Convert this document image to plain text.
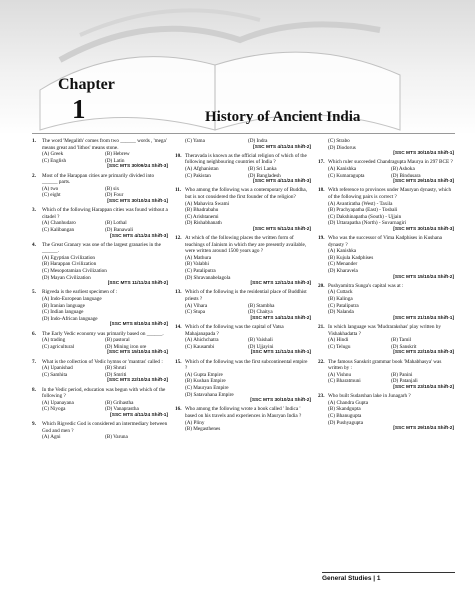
Chapter
1	History of Ancient India
1.	The word 'Megalith' comes from two ______ words , 'mega' means great and 'lithos' means stone.
(A) Greek	(B) Hebrew
(C) English	(D) Latin
[SSC MTS 30/09/24 Shift-3]
2.	Most of the Harappan cities are primarily divided into ______ parts.
(A) two	(B) six
(C) eight	(D) Four
[SSC MTS 30/10/24 Shift-1]
3.	Which of the following Harappan cities was found without a citadel ?
(A) Chanhudaro	(B) Lothal
(C) Kalibangan	(D) Banawali
[SSC MTS 4/11/24 Shift-3]
4.	The Great Granary was one of the largest granaries in the ______.
(A) Egyptian Civilization
(B) Harappan Civilization
(C) Mesopotamian Civilization
(D) Mayan Civilization
[SSC MTS 11/11/24 Shift-2]
5.	Rigveda is the earliest specimen of :
(A) Indo-European language
(B) Iranian language
(C) Indian language
(D) Indo-African language
[SSC MTS 8/10/24 Shift-2]
6.	The Early Vedic economy was primarily based on ______.
(A) trading	(B) pastoral
(C) agricultural	(D) Mining iron ore
[SSC MTS 15/10/24 Shift-1]
7.	What is the collection of Vedic hymns or 'mantras' called :
(A) Upanishad	(B) Shruti
(C) Samhita	(D) Smriti
[SSC MTS 22/10/24 Shift-2]
8.	In the Vedic period, education was begun with which of the following ?
(A) Upanayana	(B) Grihastha
(C) Niyoga	(D) Vanaprastha
[SSC MTS 4/11/24 Shift-1]
9.	Which Rigvedic God is considered an intermediary between God and men ?
(A) Agni	(B) Varuna
(C) Yama	(D) Indra
[SSC MTS 4/11/24 Shift-2]
10. Theravada is known as the official religion of which of the following neighbouring countries of India ?
(A) Afghanistan	(B) Sri Lanka
(C) Pakistan	(D) Bangladesh
[SSC MTS 4/11/24 Shift-3]
11. Who among the following was a contemporary of Buddha, but is not considered the first founder of the religion?
(A) Mahavira Swami
(B) Bhadrabahu
(C) Arishtanemi
(D) Rishabhanath
[SSC MTS 5/11/24 Shift-2]
12. At which of the following places the written form of teachings of Jainism in which they are presently available, were written around 1500 years ago ?
(A) Mathura
(B) Valabhi
(C) Pataliputra
(D) Shravanabelagola
[SSC MTS 12/11/24 Shift-3]
13. Which of the following is the residential place of Buddhist priests ?
(A) Vihara	(B) Stambha
(C) Stupa	(D) Chaitya
[SSC MTS 14/11/24 Shift-2]
14. Which of the following was the capital of Vatsa Mahajanapada ?
(A) Ahichchatra	(B) Vaishali
(C) Kausambi	(D) Ujjayini
[SSC MTS 11/11/24 Shift-1]
15. Which of the following was the first subcontinental empire ?
(A) Gupta Empire
(B) Kushan Empire
(C) Mauryan Empire
(D) Satavahana Empire
[SSC MTS 30/10/24 Shift-2]
16. Who among the following wrote a book called ' Indica ' based on his travels and experiences in Mauryan India ?
(A) Pliny
(B) Megasthenes
(C) Strabo
(D) Diodorus
[SSC MTS 30/10/24 Shift-1]
17. Which ruler succeeded Chandragupta Maurya in 297 BCE ?
(A) Kanishka	(B) Ashoka
(C) Kumaragupta	(D) Bindusara
[SSC MTS 29/10/24 Shift-3]
18. With reference to provinces under Mauryan dynasty, which of the following pairs is correct ?
(A) Avantiratha (West) - Taxila
(B) Prachyapatha (East) - Tosbali
(C) Dakshinapatha (South) - Ujjain
(D) Uttarapatha (North) - Suvarnagiri
[SSC MTS 30/10/24 Shift-3]
19. Who was the successor of Vima Kadphises in Kushana dynasty ?
(A) Kanishka
(B) Kujula Kadphises
(C) Menander
(D) Kharavela
[SSC MTS 15/10/24 Shift-2]
20. Pushyamitra Sunga's capital was at :
(A) Cuttack
(B) Kalinga
(C) Pataliputra
(D) Nalanda
[SSC MTS 21/10/24 Shift-1]
21. In which language was 'Mudrarakshas' play written by Vishakhadatta ?
(A) Hindi	(B) Tamil
(C) Telugu	(D) Sanskrit
[SSC MTS 22/10/24 Shift-3]
22. The famous Sanskrit grammar book 'Mahabhasya' was written by :
(A) Vishnu	(B) Panini
(C) Bharatmuni	(D) Patanjali
[SSC MTS 23/10/24 Shift-2]
23. Who built Sudarshan lake in Junagarh ?
(A) Chandra Gupta
(B) Skandgupta
(C) Bhanugupta
(D) Pushyagupta
[SSC MTS 29/10/24 Shift-2]
General Studies | 1
